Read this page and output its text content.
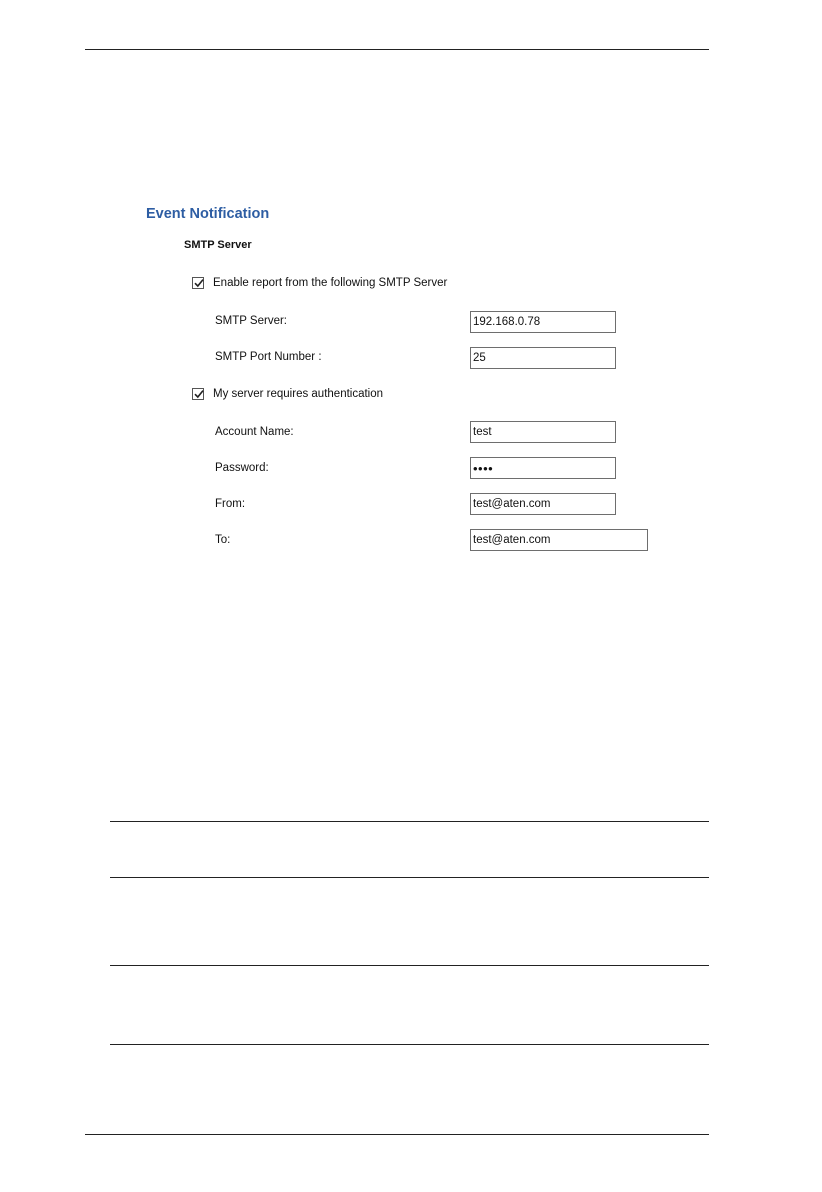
Event Notification
SMTP Server
Enable report from the following SMTP Server
SMTP Server:
192.168.0.78
SMTP Port Number :
25
My server requires authentication
Account Name:
test
Password:
From:
test@aten.com
To:
test@aten.com
